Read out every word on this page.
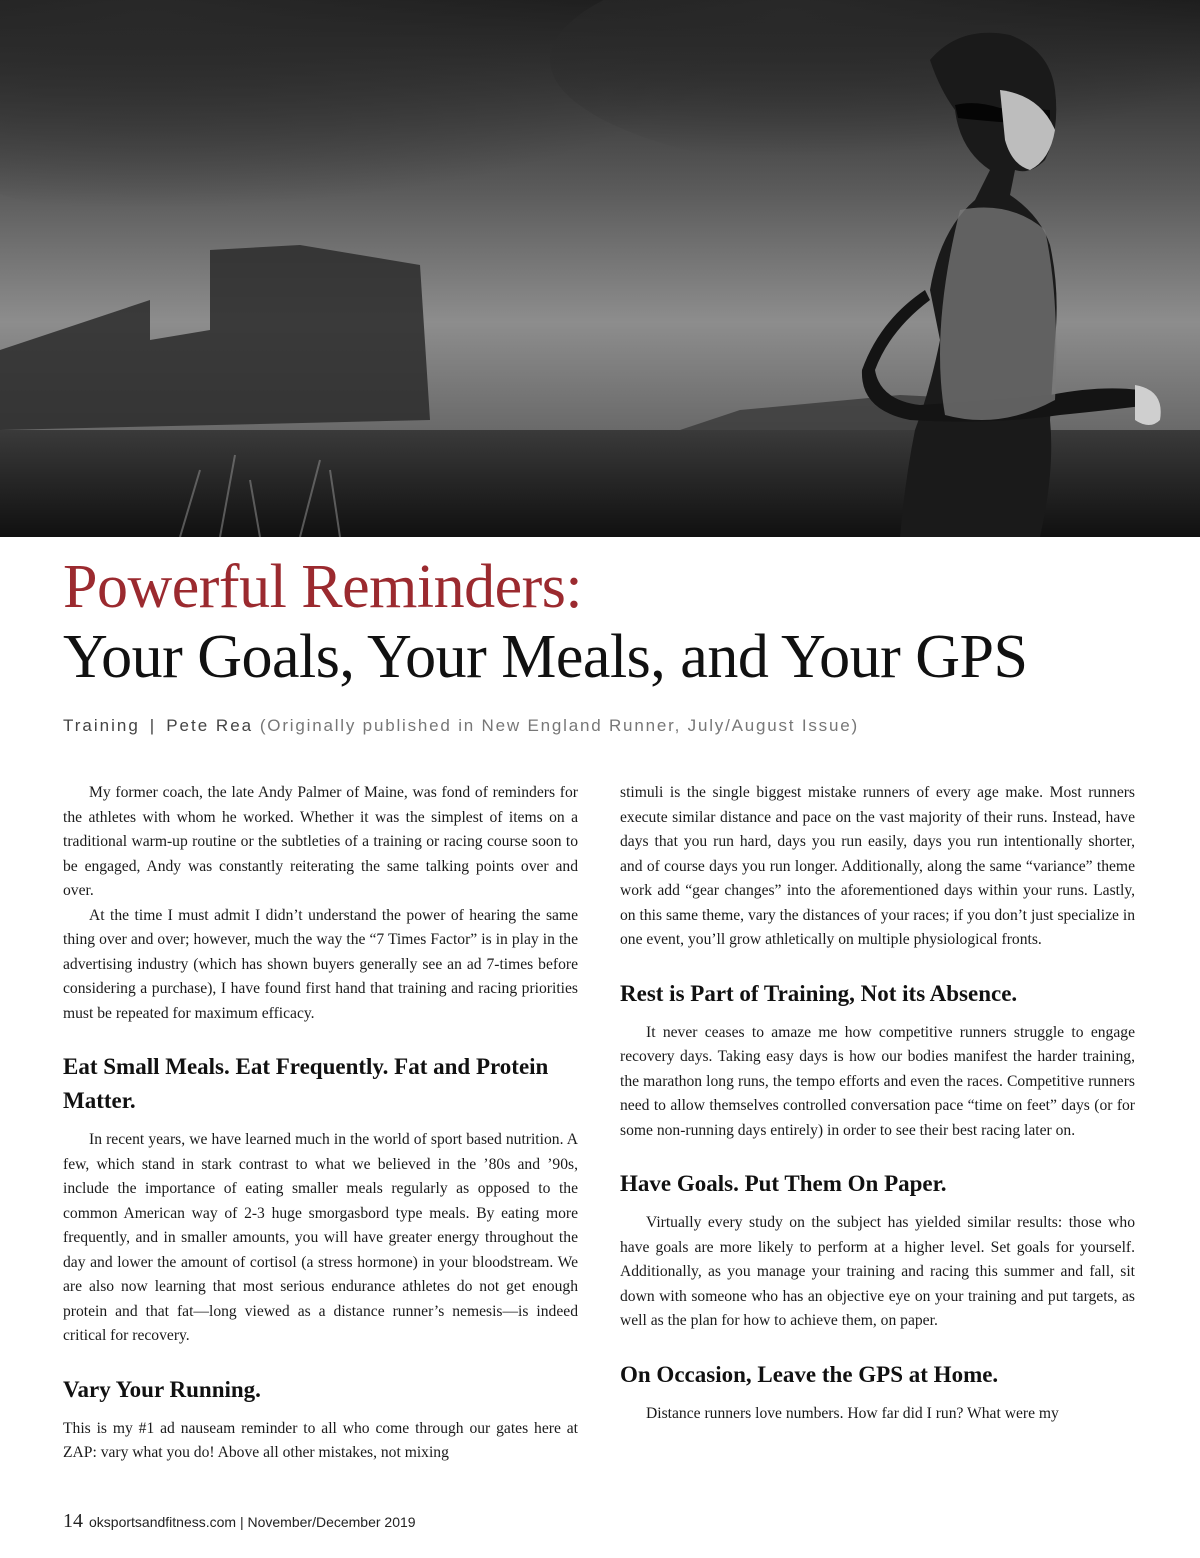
Powerful Reminders:
Your Goals, Your Meals, and Your GPS
Training | Pete Rea (Originally published in New England Runner, July/August Issue)

My former coach, the late Andy Palmer of Maine, was fond of reminders for the athletes with whom he worked. Whether it was the simplest of items on a traditional warm-up routine or the subtleties of a training or racing course soon to be engaged, Andy was constantly reiterating the same talking points over and over.

At the time I must admit I didn’t understand the power of hearing the same thing over and over; however, much the way the “7 Times Factor” is in play in the advertising industry (which has shown buyers generally see an ad 7-times before considering a purchase), I have found first hand that training and racing priorities must be repeated for maximum efficacy.

Eat Small Meals. Eat Frequently. Fat and Protein Matter.

In recent years, we have learned much in the world of sport based nutrition. A few, which stand in stark contrast to what we believed in the ’80s and ’90s, include the importance of eating smaller meals regularly as opposed to the common American way of 2-3 huge smorgasbord type meals. By eating more frequently, and in smaller amounts, you will have greater energy throughout the day and lower the amount of cortisol (a stress hormone) in your bloodstream. We are also now learning that most serious endurance athletes do not get enough protein and that fat—long viewed as a distance runner’s nemesis—is indeed critical for recovery.

Vary Your Running.

This is my #1 ad nauseam reminder to all who come through our gates here at ZAP: vary what you do! Above all other mistakes, not mixing

stimuli is the single biggest mistake runners of every age make. Most runners execute similar distance and pace on the vast majority of their runs. Instead, have days that you run hard, days you run easily, days you run intentionally shorter, and of course days you run longer. Additionally, along the same “variance” theme work add “gear changes” into the aforementioned days within your runs. Lastly, on this same theme, vary the distances of your races; if you don’t just specialize in one event, you’ll grow athletically on multiple physiological fronts.

Rest is Part of Training, Not its Absence.

It never ceases to amaze me how competitive runners struggle to engage recovery days. Taking easy days is how our bodies manifest the harder training, the marathon long runs, the tempo efforts and even the races. Competitive runners need to allow themselves controlled conversation pace “time on feet” days (or for some non-running days entirely) in order to see their best racing later on.

Have Goals. Put Them On Paper.

Virtually every study on the subject has yielded similar results: those who have goals are more likely to perform at a higher level. Set goals for yourself. Additionally, as you manage your training and racing this summer and fall, sit down with someone who has an objective eye on your training and put targets, as well as the plan for how to achieve them, on paper.

On Occasion, Leave the GPS at Home.

Distance runners love numbers. How far did I run? What were my

14 oksportsandfitness.com | November/December 2019
